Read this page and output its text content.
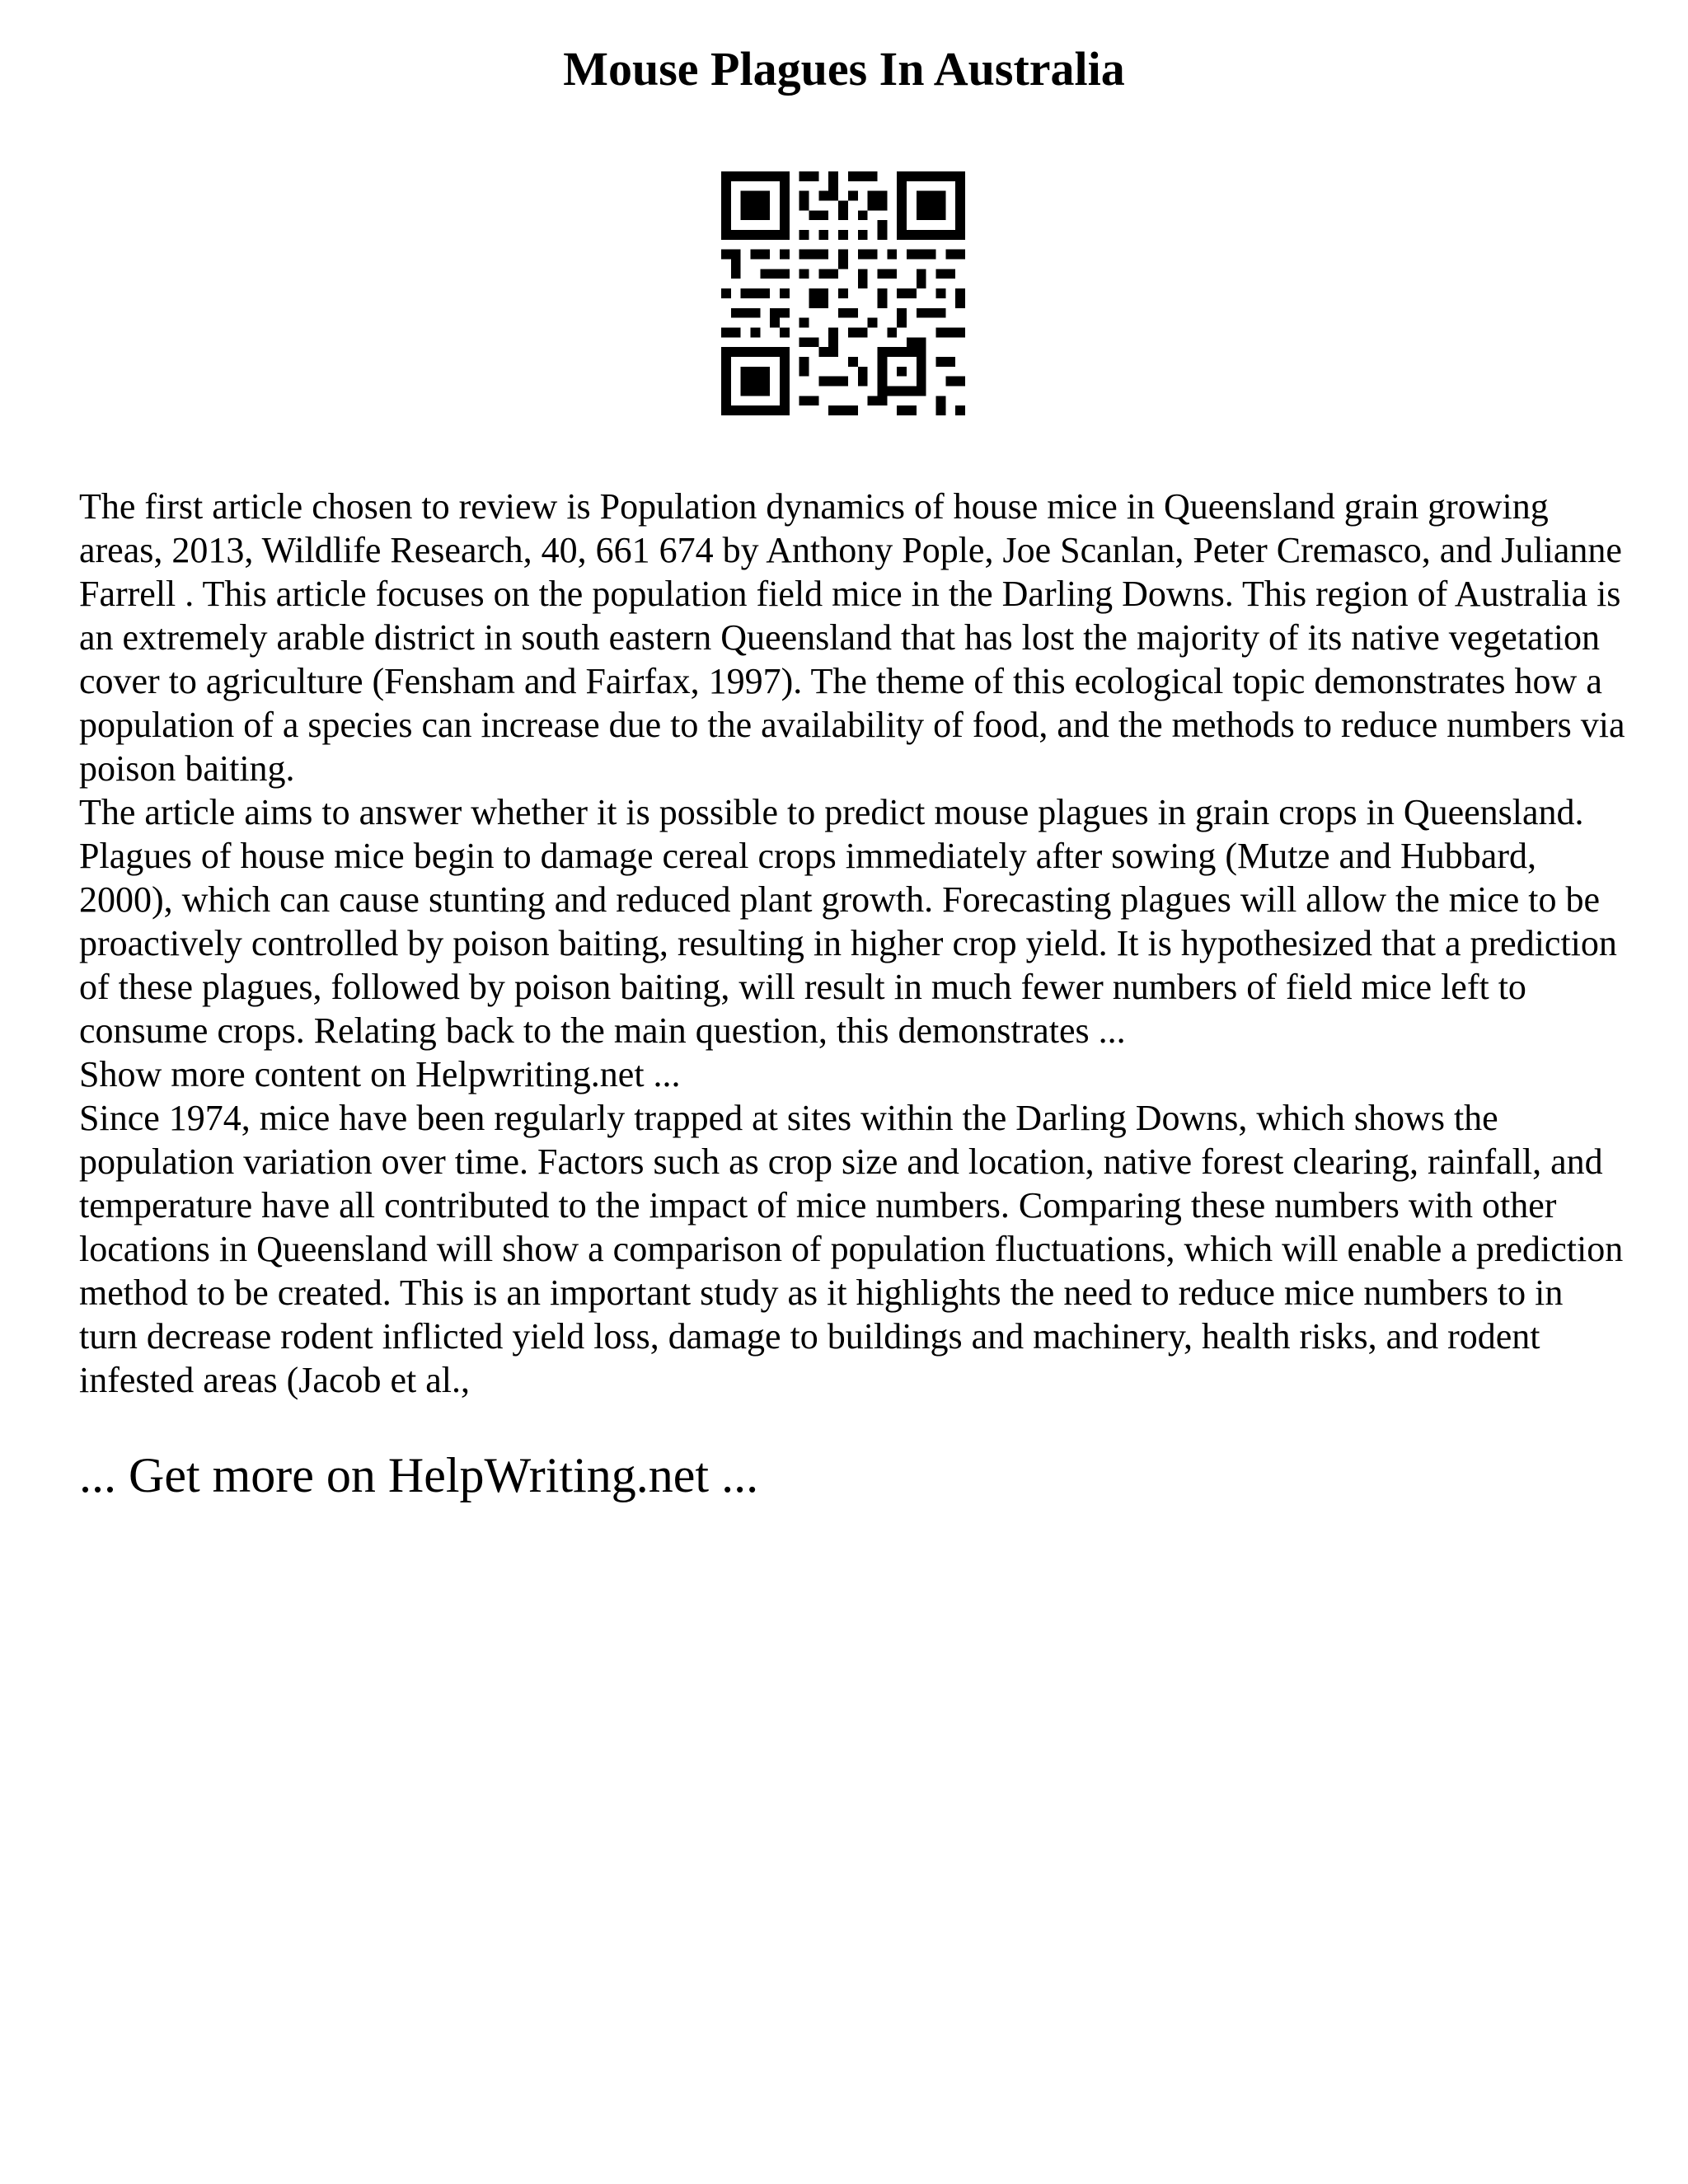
Mouse Plagues In Australia

The first article chosen to review is Population dynamics of house mice in Queensland grain growing areas, 2013, Wildlife Research, 40, 661 674 by Anthony Pople, Joe Scanlan, Peter Cremasco, and Julianne Farrell . This article focuses on the population field mice in the Darling Downs. This region of Australia is an extremely arable district in south eastern Queensland that has lost the majority of its native vegetation cover to agriculture (Fensham and Fairfax, 1997). The theme of this ecological topic demonstrates how a population of a species can increase due to the availability of food, and the methods to reduce numbers via poison baiting.

The article aims to answer whether it is possible to predict mouse plagues in grain crops in Queensland. Plagues of house mice begin to damage cereal crops immediately after sowing (Mutze and Hubbard, 2000), which can cause stunting and reduced plant growth. Forecasting plagues will allow the mice to be proactively controlled by poison baiting, resulting in higher crop yield. It is hypothesized that a prediction of these plagues, followed by poison baiting, will result in much fewer numbers of field mice left to consume crops. Relating back to the main question, this demonstrates ...

Show more content on Helpwriting.net ...

Since 1974, mice have been regularly trapped at sites within the Darling Downs, which shows the population variation over time. Factors such as crop size and location, native forest clearing, rainfall, and temperature have all contributed to the impact of mice numbers. Comparing these numbers with other locations in Queensland will show a comparison of population fluctuations, which will enable a prediction method to be created. This is an important study as it highlights the need to reduce mice numbers to in turn decrease rodent inflicted yield loss, damage to buildings and machinery, health risks, and rodent infested areas (Jacob et al.,

... Get more on HelpWriting.net ...
